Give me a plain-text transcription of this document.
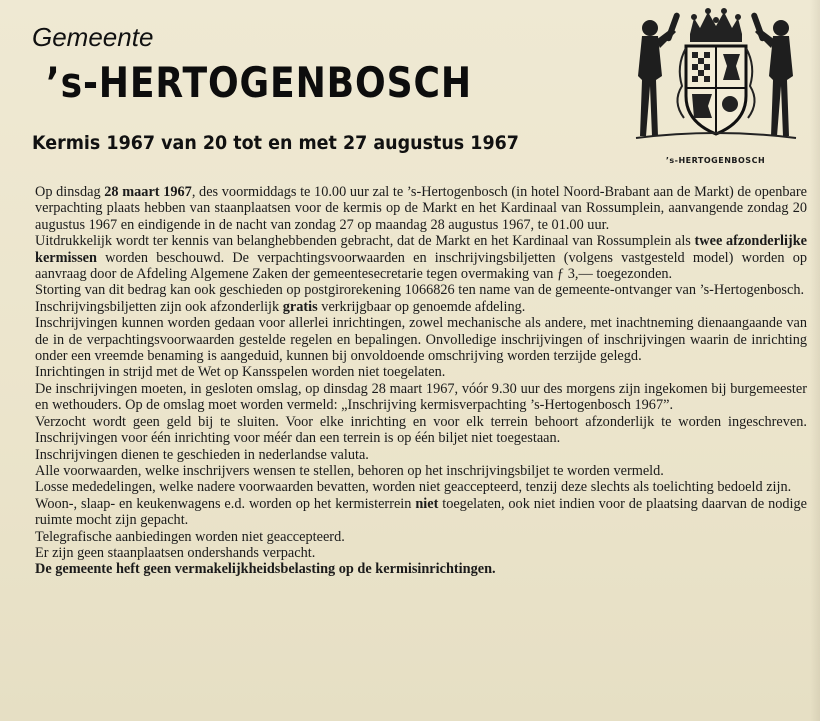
Gemeente
’s-HERTOGENBOSCH
Kermis 1967 van 20 tot en met 27 augustus 1967
’s-HERTOGENBOSCH

Op dinsdag 28 maart 1967, des voormiddags te 10.00 uur zal te ’s-Hertogenbosch (in hotel Noord-Brabant aan de Markt) de openbare verpachting plaats hebben van staanplaatsen voor de kermis op de Markt en het Kardinaal van Rossumplein, aanvangende zondag 20 augustus 1967 en eindigende in de nacht van zondag 27 op maandag 28 augustus 1967, te 01.00 uur.

Uitdrukkelijk wordt ter kennis van belanghebbenden gebracht, dat de Markt en het Kardinaal van Rossumplein als twee afzonderlijke kermissen worden beschouwd. De verpachtingsvoorwaarden en inschrijvingsbiljetten (volgens vastgesteld model) worden op aanvraag door de Afdeling Algemene Zaken der gemeentesecretarie tegen overmaking van ƒ 3,— toegezonden.

Storting van dit bedrag kan ook geschieden op postgirorekening 1066826 ten name van de gemeente-ontvanger van ’s-Hertogenbosch.

Inschrijvingsbiljetten zijn ook afzonderlijk gratis verkrijgbaar op genoemde afdeling.

Inschrijvingen kunnen worden gedaan voor allerlei inrichtingen, zowel mechanische als andere, met inachtneming dienaangaande van de in de verpachtingsvoorwaarden gestelde regelen en bepalingen. Onvolledige inschrijvingen of inschrijvingen waarin de inrichting onder een vreemde benaming is aangeduid, kunnen bij onvoldoende omschrijving worden terzijde gelegd.

Inrichtingen in strijd met de Wet op Kansspelen worden niet toegelaten.

De inschrijvingen moeten, in gesloten omslag, op dinsdag 28 maart 1967, vóór 9.30 uur des morgens zijn ingekomen bij burgemeester en wethouders. Op de omslag moet worden vermeld: „Inschrijving kermisverpachting ’s-Hertogenbosch 1967”.

Verzocht wordt geen geld bij te sluiten. Voor elke inrichting en voor elk terrein behoort afzonderlijk te worden ingeschreven. Inschrijvingen voor één inrichting voor méér dan een terrein is op één biljet niet toegestaan.

Inschrijvingen dienen te geschieden in nederlandse valuta.

Alle voorwaarden, welke inschrijvers wensen te stellen, behoren op het inschrijvingsbiljet te worden vermeld.

Losse mededelingen, welke nadere voorwaarden bevatten, worden niet geaccepteerd, tenzij deze slechts als toelichting bedoeld zijn.

Woon-, slaap- en keukenwagens e.d. worden op het kermisterrein niet toegelaten, ook niet indien voor de plaatsing daarvan de nodige ruimte mocht zijn gepacht.

Telegrafische aanbiedingen worden niet geaccepteerd.

Er zijn geen staanplaatsen ondershands verpacht.

De gemeente heft geen vermakelijkheidsbelasting op de kermisinrichtingen.
